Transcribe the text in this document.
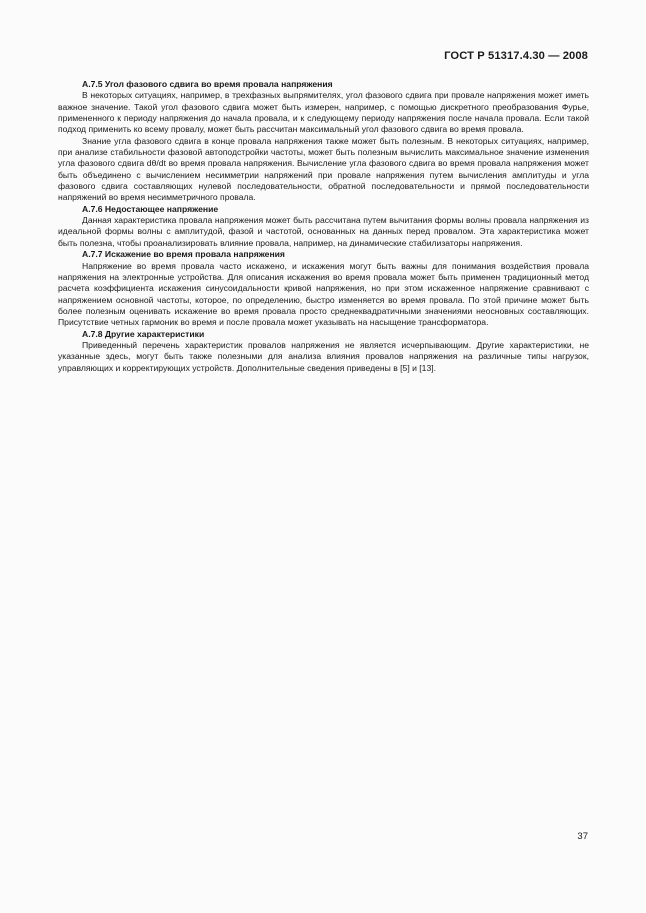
ГОСТ Р 51317.4.30 — 2008

А.7.5 Угол фазового сдвига во время провала напряжения

В некоторых ситуациях, например, в трехфазных выпрямителях, угол фазового сдвига при провале напряжения может иметь важное значение. Такой угол фазового сдвига может быть измерен, например, с помощью дискретного преобразования Фурье, примененного к периоду напряжения до начала провала, и к следующему периоду напряжения после начала провала. Если такой подход применить ко всему провалу, может быть рассчитан максимальный угол фазового сдвига во время провала.

Знание угла фазового сдвига в конце провала напряжения также может быть полезным. В некоторых ситуациях, например, при анализе стабильности фазовой автоподстройки частоты, может быть полезным вычислить максимальное значение изменения угла фазового сдвига dθ/dt во время провала напряжения. Вычисление угла фазового сдвига во время провала напряжения может быть объединено с вычислением несимметрии напряжений при провале напряжения путем вычисления амплитуды и угла фазового сдвига составляющих нулевой последовательности, обратной последовательности и прямой последовательности напряжений во время несимметричного провала.

А.7.6 Недостающее напряжение

Данная характеристика провала напряжения может быть рассчитана путем вычитания формы волны провала напряжения из идеальной формы волны с амплитудой, фазой и частотой, основанных на данных перед провалом. Эта характеристика может быть полезна, чтобы проанализировать влияние провала, например, на динамические стабилизаторы напряжения.

А.7.7 Искажение во время провала напряжения

Напряжение во время провала часто искажено, и искажения могут быть важны для понимания воздействия провала напряжения на электронные устройства. Для описания искажения во время провала может быть применен традиционный метод расчета коэффициента искажения синусоидальности кривой напряжения, но при этом искаженное напряжение сравнивают с напряжением основной частоты, которое, по определению, быстро изменяется во время провала. По этой причине может быть более полезным оценивать искажение во время провала просто среднеквадратичными значениями неосновных составляющих. Присутствие четных гармоник во время и после провала может указывать на насыщение трансформатора.

А.7.8 Другие характеристики

Приведенный перечень характеристик провалов напряжения не является исчерпывающим. Другие характеристики, не указанные здесь, могут быть также полезными для анализа влияния провалов напряжения на различные типы нагрузок, управляющих и корректирующих устройств. Дополнительные сведения приведены в [5] и [13].

37
